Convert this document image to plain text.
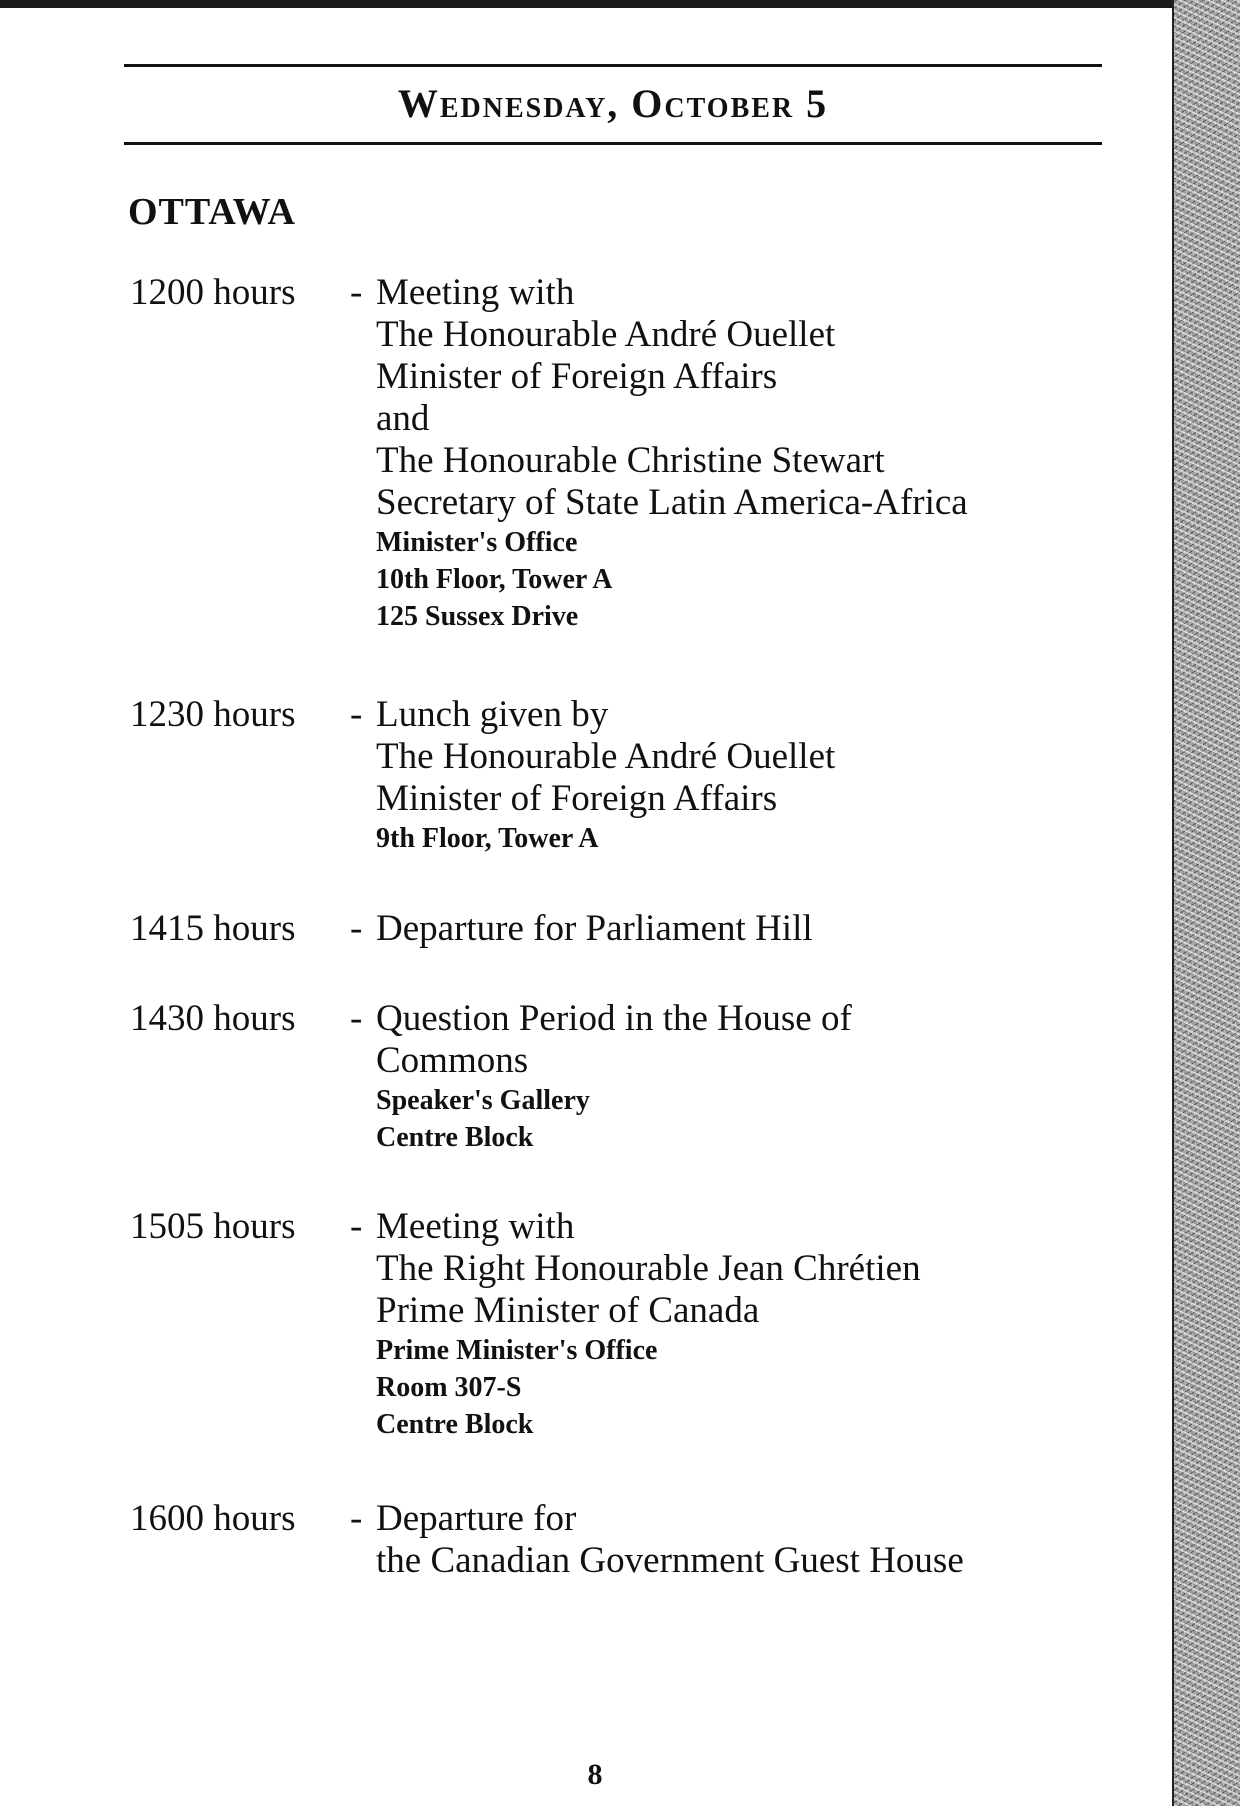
Wednesday, October 5
OTTAWA
1200 hours	- Meeting with
The Honourable André Ouellet
Minister of Foreign Affairs
and
The Honourable Christine Stewart
Secretary of State Latin America-Africa
Minister's Office
10th Floor, Tower A
125 Sussex Drive
1230 hours	- Lunch given by
The Honourable André Ouellet
Minister of Foreign Affairs
9th Floor, Tower A
1415 hours	- Departure for Parliament Hill
1430 hours	- Question Period in the House of
Commons
Speaker's Gallery
Centre Block
1505 hours	- Meeting with
The Right Honourable Jean Chrétien
Prime Minister of Canada
Prime Minister's Office
Room 307-S
Centre Block
1600 hours	- Departure for
the Canadian Government Guest House
8
